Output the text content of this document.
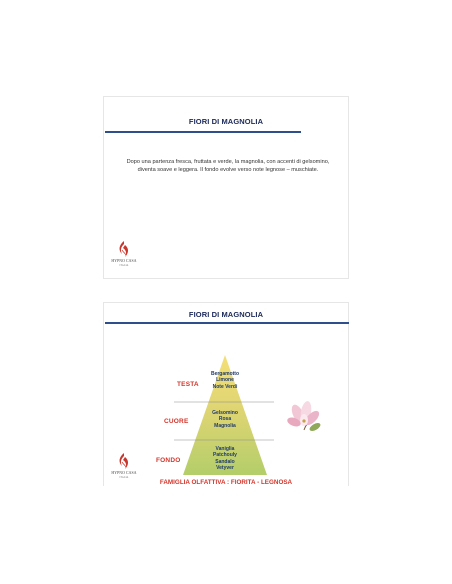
FIORI DI MAGNOLIA
Dopo una partenza fresca, fruttata e verde, la magnolia, con accenti di gelsomino,
diventa soave e leggera. Il fondo evolve verso note legnose – muschiate.
HYPNO CASA
ITALIA
FIORI DI MAGNOLIA
TESTA
CUORE
FONDO
Bergamotto
Limone
Note Verdi
Gelsomino
Rosa
Magnolia
Vaniglia
Patchouly
Sandalo
Vetyver
FAMIGLIA OLFATTIVA : FIORITA - LEGNOSA
HYPNO CASA
ITALIA
